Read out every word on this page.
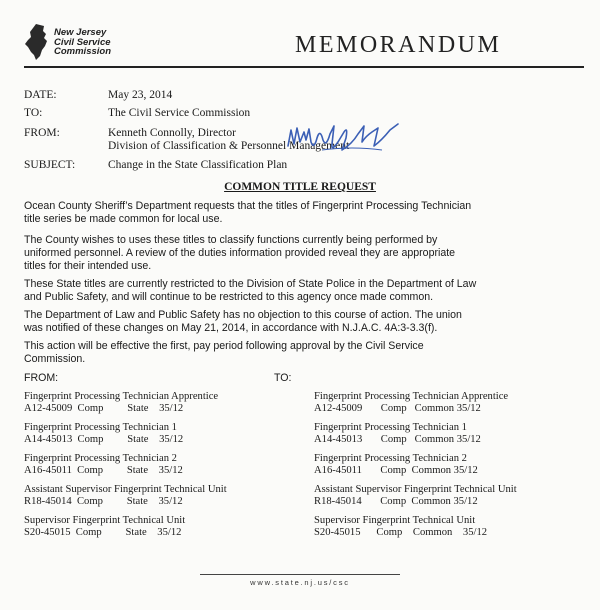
New Jersey
Civil Service
Commission	MEMORANDUM
DATE:	May 23, 2014
TO:	The Civil Service Commission
FROM:	Kenneth Connolly, Director
Division of Classification & Personnel Management
SUBJECT:	Change in the State Classification Plan
COMMON TITLE REQUEST
Ocean County Sheriff’s Department requests that the titles of Fingerprint Processing Technician
title series be made common for local use.
The County wishes to uses these titles to classify functions currently being performed by
uniformed personnel. A review of the duties information provided reveal they are appropriate
titles for their intended use.
These State titles are currently restricted to the Division of State Police in the Department of Law
and Public Safety, and will continue to be restricted to this agency once made common.
The Department of Law and Public Safety has no objection to this course of action. The union
was notified of these changes on May 21, 2014, in accordance with N.J.A.C. 4A:3-3.3(f).
This action will be effective the first, pay period following approval by the Civil Service
Commission.
FROM:	TO:
Fingerprint Processing Technician Apprentice
A12-45009  Comp         State    35/12
Fingerprint Processing Technician Apprentice
A12-45009       Comp   Common 35/12
Fingerprint Processing Technician 1
A14-45013  Comp         State    35/12
Fingerprint Processing Technician 1
A14-45013       Comp   Common 35/12
Fingerprint Processing Technician 2
A16-45011  Comp         State    35/12
Fingerprint Processing Technician 2
A16-45011       Comp  Common 35/12
Assistant Supervisor Fingerprint Technical Unit
R18-45014  Comp         State    35/12
Assistant Supervisor Fingerprint Technical Unit
R18-45014       Comp  Common 35/12
Supervisor Fingerprint Technical Unit
S20-45015  Comp         State    35/12
Supervisor Fingerprint Technical Unit
S20-45015      Comp    Common    35/12
www.state.nj.us/csc
